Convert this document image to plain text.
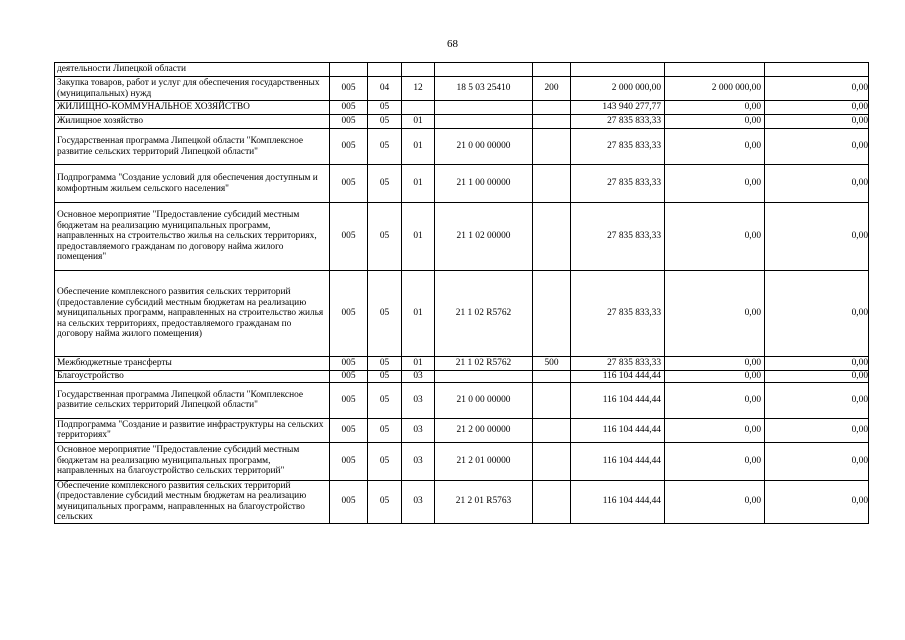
68
деятельности Липецкой области								
Закупка товаров, работ и услуг для обеспечения государственных (муниципальных) нужд	005	04	12	18 5 03 25410	200	2 000 000,00	2 000 000,00	0,00
ЖИЛИЩНО-КОММУНАЛЬНОЕ ХОЗЯЙСТВО	005	05				143 940 277,77	0,00	0,00
Жилищное хозяйство	005	05	01			27 835 833,33	0,00	0,00
Государственная программа Липецкой области "Комплексное развитие сельских территорий Липецкой области"	005	05	01	21 0 00 00000		27 835 833,33	0,00	0,00
Подпрограмма "Создание условий для обеспечения доступным и комфортным жильем сельского населения"	005	05	01	21 1 00 00000		27 835 833,33	0,00	0,00
Основное мероприятие "Предоставление субсидий местным бюджетам на реализацию муниципальных программ, направленных на строительство жилья на сельских территориях, предоставляемого гражданам по договору найма жилого помещения"	005	05	01	21 1 02 00000		27 835 833,33	0,00	0,00
Обеспечение комплексного развития сельских территорий (предоставление субсидий местным бюджетам на реализацию муниципальных программ, направленных на строительство жилья на сельских территориях, предоставляемого гражданам по договору найма жилого помещения)	005	05	01	21 1 02 R5762		27 835 833,33	0,00	0,00
Межбюджетные трансферты	005	05	01	21 1 02 R5762	500	27 835 833,33	0,00	0,00
Благоустройство	005	05	03			116 104 444,44	0,00	0,00
Государственная программа Липецкой области "Комплексное развитие сельских территорий Липецкой области"	005	05	03	21 0 00 00000		116 104 444,44	0,00	0,00
Подпрограмма "Создание и развитие инфраструктуры на сельских территориях"	005	05	03	21 2 00 00000		116 104 444,44	0,00	0,00
Основное мероприятие "Предоставление субсидий местным бюджетам на реализацию муниципальных программ, направленных на благоустройство сельских территорий"	005	05	03	21 2 01 00000		116 104 444,44	0,00	0,00
Обеспечение комплексного развития сельских территорий (предоставление субсидий местным бюджетам на реализацию муниципальных программ, направленных на благоустройство сельских	005	05	03	21 2 01 R5763		116 104 444,44	0,00	0,00
